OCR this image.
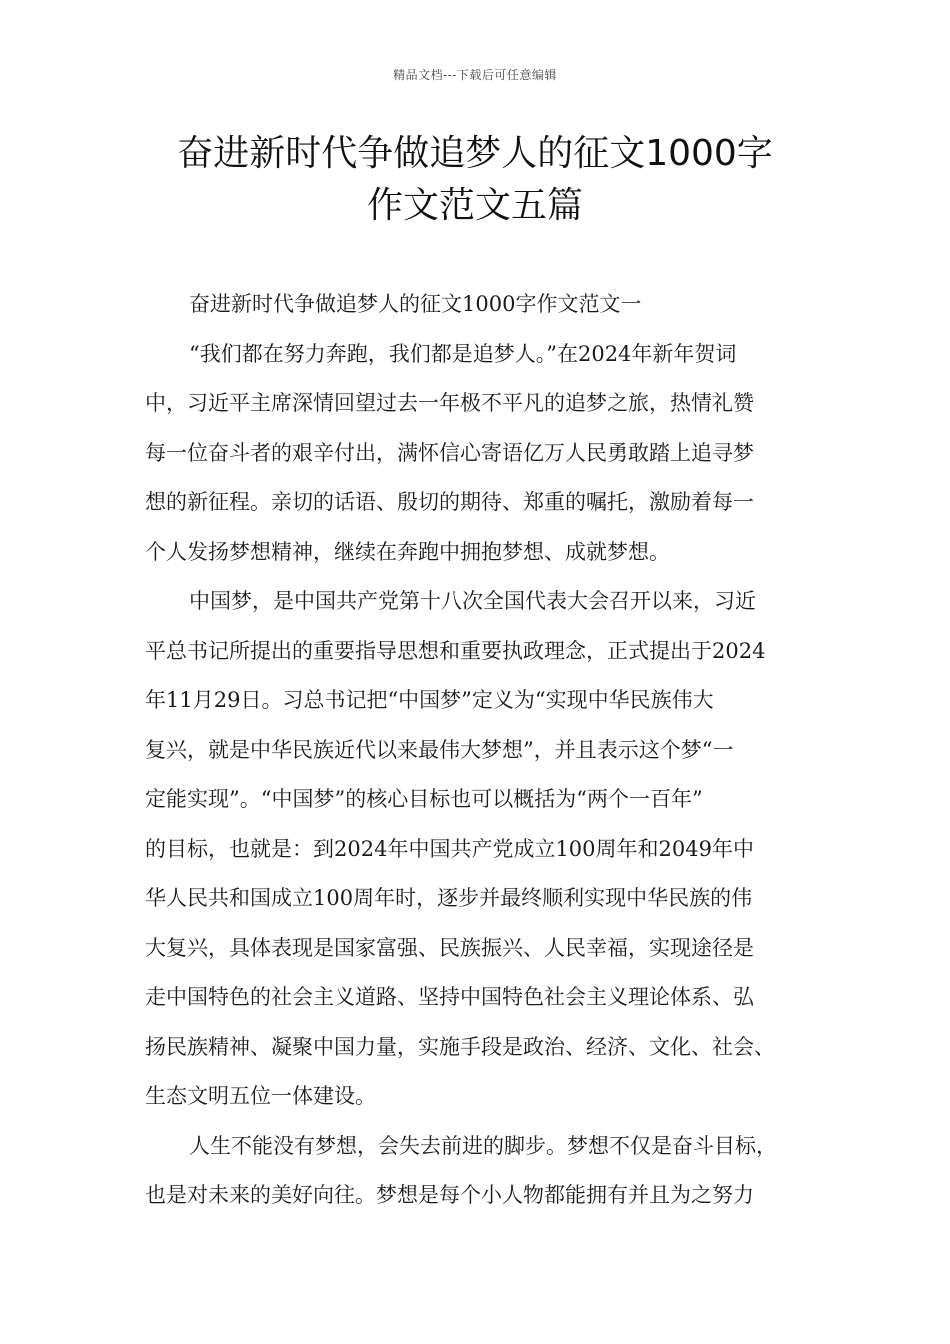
精品文档---下载后可任意编辑
奋进新时代争做追梦人的征文1000字
作文范文五篇

奋进新时代争做追梦人的征文1000字作文范文一

“我们都在努力奔跑，我们都是追梦人。”在2024年新年贺词
中，习近平主席深情回望过去一年极不平凡的追梦之旅，热情礼赞
每一位奋斗者的艰辛付出，满怀信心寄语亿万人民勇敢踏上追寻梦
想的新征程。亲切的话语、殷切的期待、郑重的嘱托，激励着每一
个人发扬梦想精神，继续在奔跑中拥抱梦想、成就梦想。

中国梦，是中国共产党第十八次全国代表大会召开以来，习近
平总书记所提出的重要指导思想和重要执政理念，正式提出于2024
年11月29日。习总书记把“中国梦”定义为“实现中华民族伟大
复兴，就是中华民族近代以来最伟大梦想”，并且表示这个梦“一
定能实现”。“中国梦”的核心目标也可以概括为“两个一百年”
的目标，也就是：到2024年中国共产党成立100周年和2049年中
华人民共和国成立100周年时，逐步并最终顺利实现中华民族的伟
大复兴，具体表现是国家富强、民族振兴、人民幸福，实现途径是
走中国特色的社会主义道路、坚持中国特色社会主义理论体系、弘
扬民族精神、凝聚中国力量，实施手段是政治、经济、文化、社会、
生态文明五位一体建设。

人生不能没有梦想，会失去前进的脚步。梦想不仅是奋斗目标，
也是对未来的美好向往。梦想是每个小人物都能拥有并且为之努力
